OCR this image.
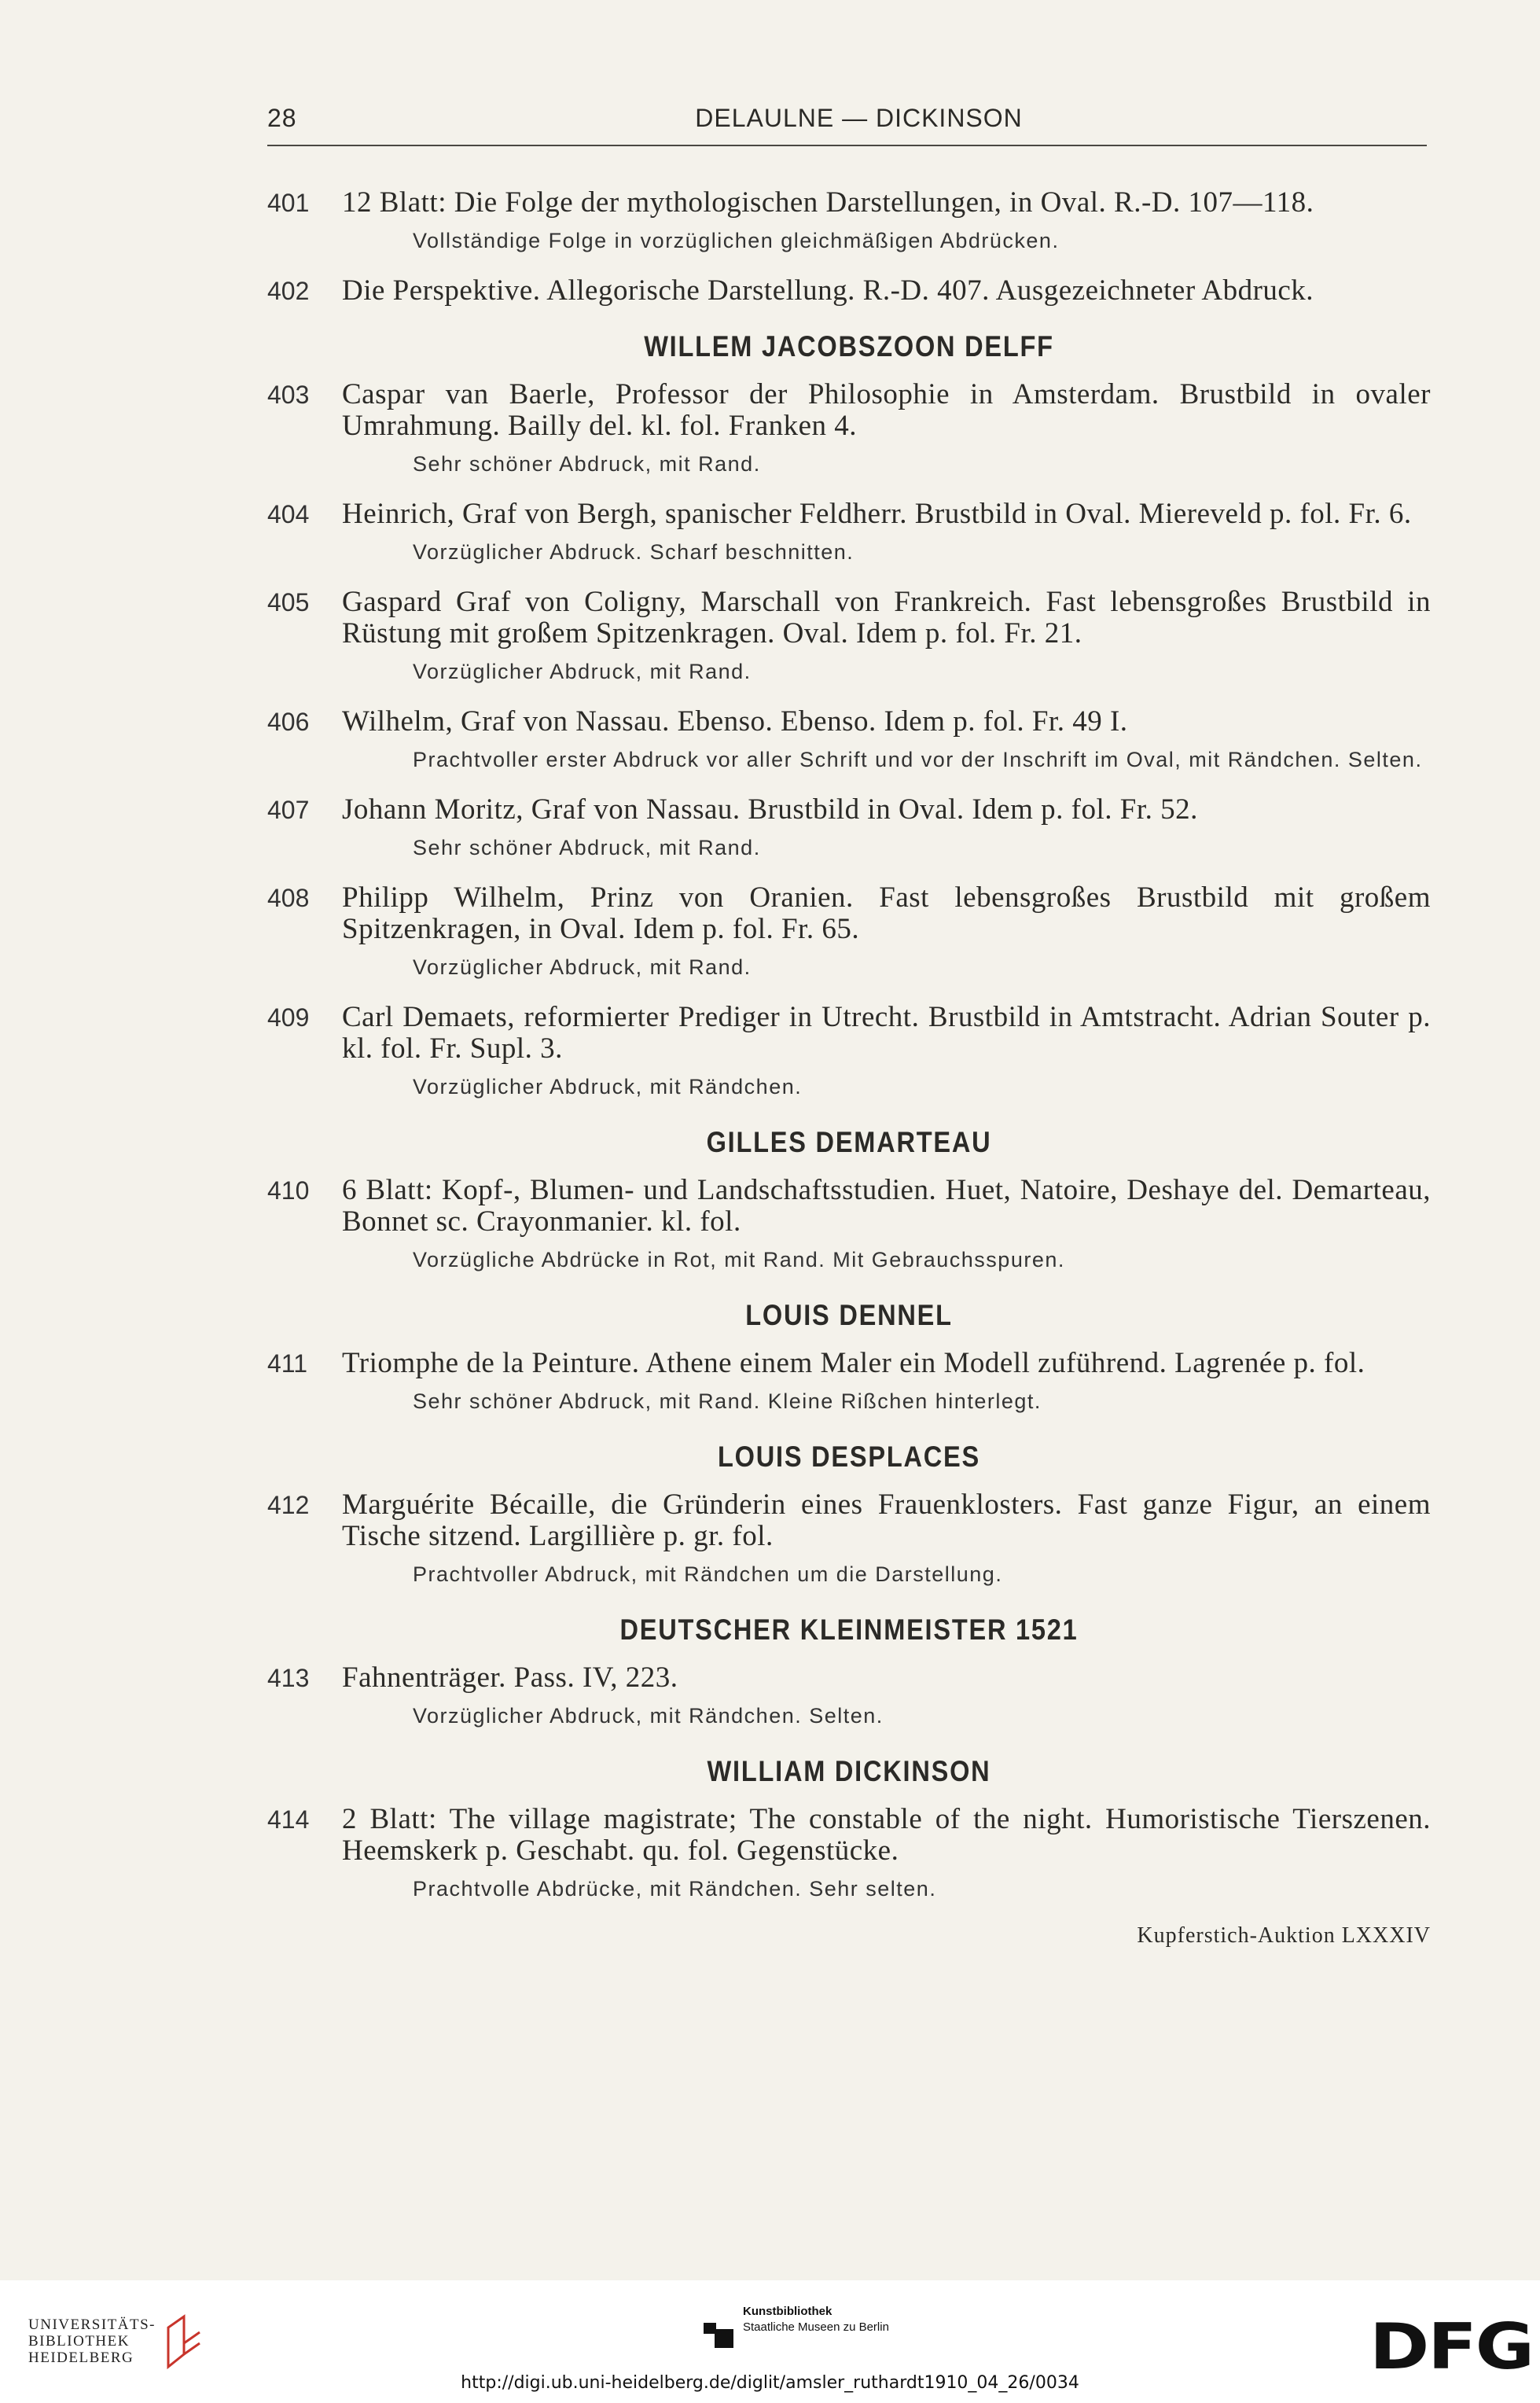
28	DELAULNE — DICKINSON
401	12 Blatt: Die Folge der mythologischen Darstellungen, in Oval. R.-D. 107—118.
Vollständige Folge in vorzüglichen gleichmäßigen Abdrücken.
402	Die Perspektive. Allegorische Darstellung. R.-D. 407. Ausgezeichneter Abdruck.
WILLEM JACOBSZOON DELFF
403	Caspar van Baerle, Professor der Philosophie in Amsterdam. Brustbild in ovaler Umrahmung. Bailly del. kl. fol. Franken 4.
Sehr schöner Abdruck, mit Rand.
404	Heinrich, Graf von Bergh, spanischer Feldherr. Brustbild in Oval. Miereveld p. fol. Fr. 6.
Vorzüglicher Abdruck. Scharf beschnitten.
405	Gaspard Graf von Coligny, Marschall von Frankreich. Fast lebensgroßes Brustbild in Rüstung mit großem Spitzenkragen. Oval. Idem p. fol. Fr. 21.
Vorzüglicher Abdruck, mit Rand.
406	Wilhelm, Graf von Nassau. Ebenso. Ebenso. Idem p. fol. Fr. 49 I.
Prachtvoller erster Abdruck vor aller Schrift und vor der Inschrift im Oval, mit Rändchen. Selten.
407	Johann Moritz, Graf von Nassau. Brustbild in Oval. Idem p. fol. Fr. 52.
Sehr schöner Abdruck, mit Rand.
408	Philipp Wilhelm, Prinz von Oranien. Fast lebensgroßes Brustbild mit großem Spitzenkragen, in Oval. Idem p. fol. Fr. 65.
Vorzüglicher Abdruck, mit Rand.
409	Carl Demaets, reformierter Prediger in Utrecht. Brustbild in Amtstracht. Adrian Souter p. kl. fol. Fr. Supl. 3.
Vorzüglicher Abdruck, mit Rändchen.
GILLES DEMARTEAU
410	6 Blatt: Kopf-, Blumen- und Landschaftsstudien. Huet, Natoire, Deshaye del. Demarteau, Bonnet sc. Crayonmanier. kl. fol.
Vorzügliche Abdrücke in Rot, mit Rand. Mit Gebrauchsspuren.
LOUIS DENNEL
411	Triomphe de la Peinture. Athene einem Maler ein Modell zuführend. Lagrenée p. fol.
Sehr schöner Abdruck, mit Rand. Kleine Rißchen hinterlegt.
LOUIS DESPLACES
412	Marguérite Bécaille, die Gründerin eines Frauenklosters. Fast ganze Figur, an einem Tische sitzend. Largillière p. gr. fol.
Prachtvoller Abdruck, mit Rändchen um die Darstellung.
DEUTSCHER KLEINMEISTER 1521
413	Fahnenträger. Pass. IV, 223.
Vorzüglicher Abdruck, mit Rändchen. Selten.
WILLIAM DICKINSON
414	2 Blatt: The village magistrate; The constable of the night. Humoristische Tierszenen. Heemskerk p. Geschabt. qu. fol. Gegenstücke.
Prachtvolle Abdrücke, mit Rändchen. Sehr selten.
Kupferstich-Auktion LXXXIV
UNIVERSITÄTS-
BIBLIOTHEK
HEIDELBERG
Kunstbibliothek
Staatliche Museen zu Berlin	DFG
http://digi.ub.uni-heidelberg.de/diglit/amsler_ruthardt1910_04_26/0034
